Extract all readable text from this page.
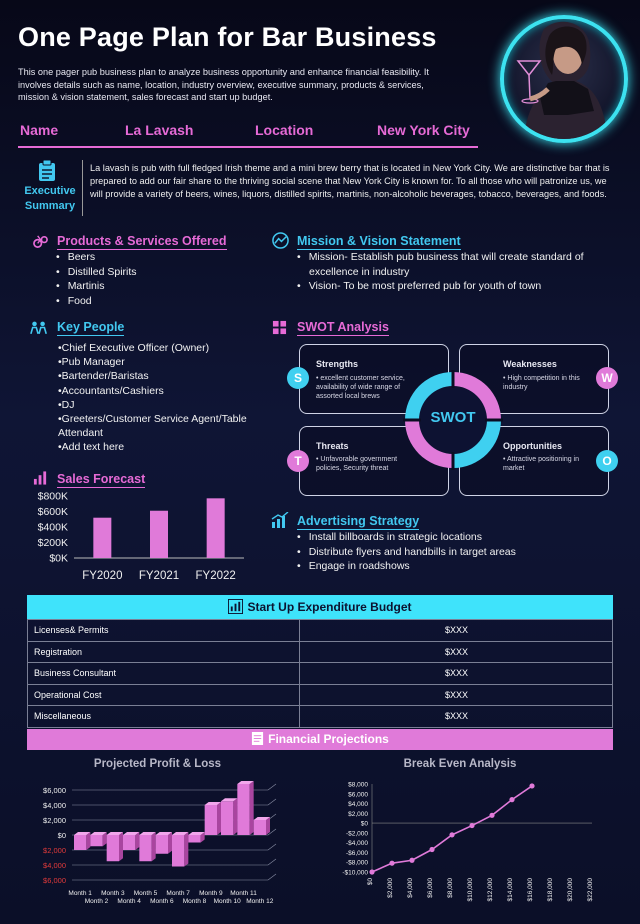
One Page Plan for Bar Business
This one pager pub business plan to analyze business opportunity and enhance financial feasibility. It involves details such as name, location, industry overview, executive summary, products & services, mission & vision statement, sales forecast and start up budget.
Name	La Lavash	Location	New York City
Executive
Summary
La lavash is pub with full fledged Irish theme and a mini brew berry that is located in New York City. We are distinctive bar that is prepared to add our fair share to the thriving social scene that New York City is known for. To all those who will patronize us, we will provide a variety of beers, wines, liquors, distilled spirits, martinis, non-alcoholic beverages, tobacco, beverages, and foods.
Products & Services Offered
• Beers
• Distilled Spirits
• Martinis
• Food
Mission & Vision Statement
• Mission- Establish pub business that will create standard of excellence in industry
• Vision- To be most preferred pub for youth of town
Key People
•Chief Executive Officer (Owner)
•Pub Manager
•Bartender/Baristas
•Accountants/Cashiers
•DJ
•Greeters/Customer Service Agent/Table Attendant
•Add text here
SWOT Analysis
Strengths
• excellent customer service, availability of wide range of assorted local brews
Weaknesses
• High competition in this industry
Threats
• Unfavorable government policies, Security threat
Opportunities
• Attractive positioning in market
SWOT
S	W
T	O
Sales Forecast
$800K
$600K
$400K
$200K
$0K
FY2020 FY2021 FY2022
Advertising Strategy
• Install billboards in strategic locations
• Distribute flyers and handbills in target areas
• Engage in roadshows
Start Up Expenditure Budget
Licenses& Permits	$XXX
Registration	$XXX
Business Consultant	$XXX
Operational Cost	$XXX
Miscellaneous	$XXX
Financial Projections
Projected Profit & Loss
$6,000
$4,000
$2,000
$0
$2,000
$4,000
$6,000
Month 1
Month 2
Month 3
Month 4
Month 5
Month 6
Month 7
Month 8
Month 9
Month 10
Month 11
Month 12
Break Even Analysis
$8,000
$6,000
$4,000
$2,000
$0
-$2,000
-$4,000
-$6,000
-$8,000
-$10,000
$0 $2,000 $4,000 $6,000 $8,000 $10,000 $12,000 $14,000 $16,000 $18,000 $20,000 $22,000
